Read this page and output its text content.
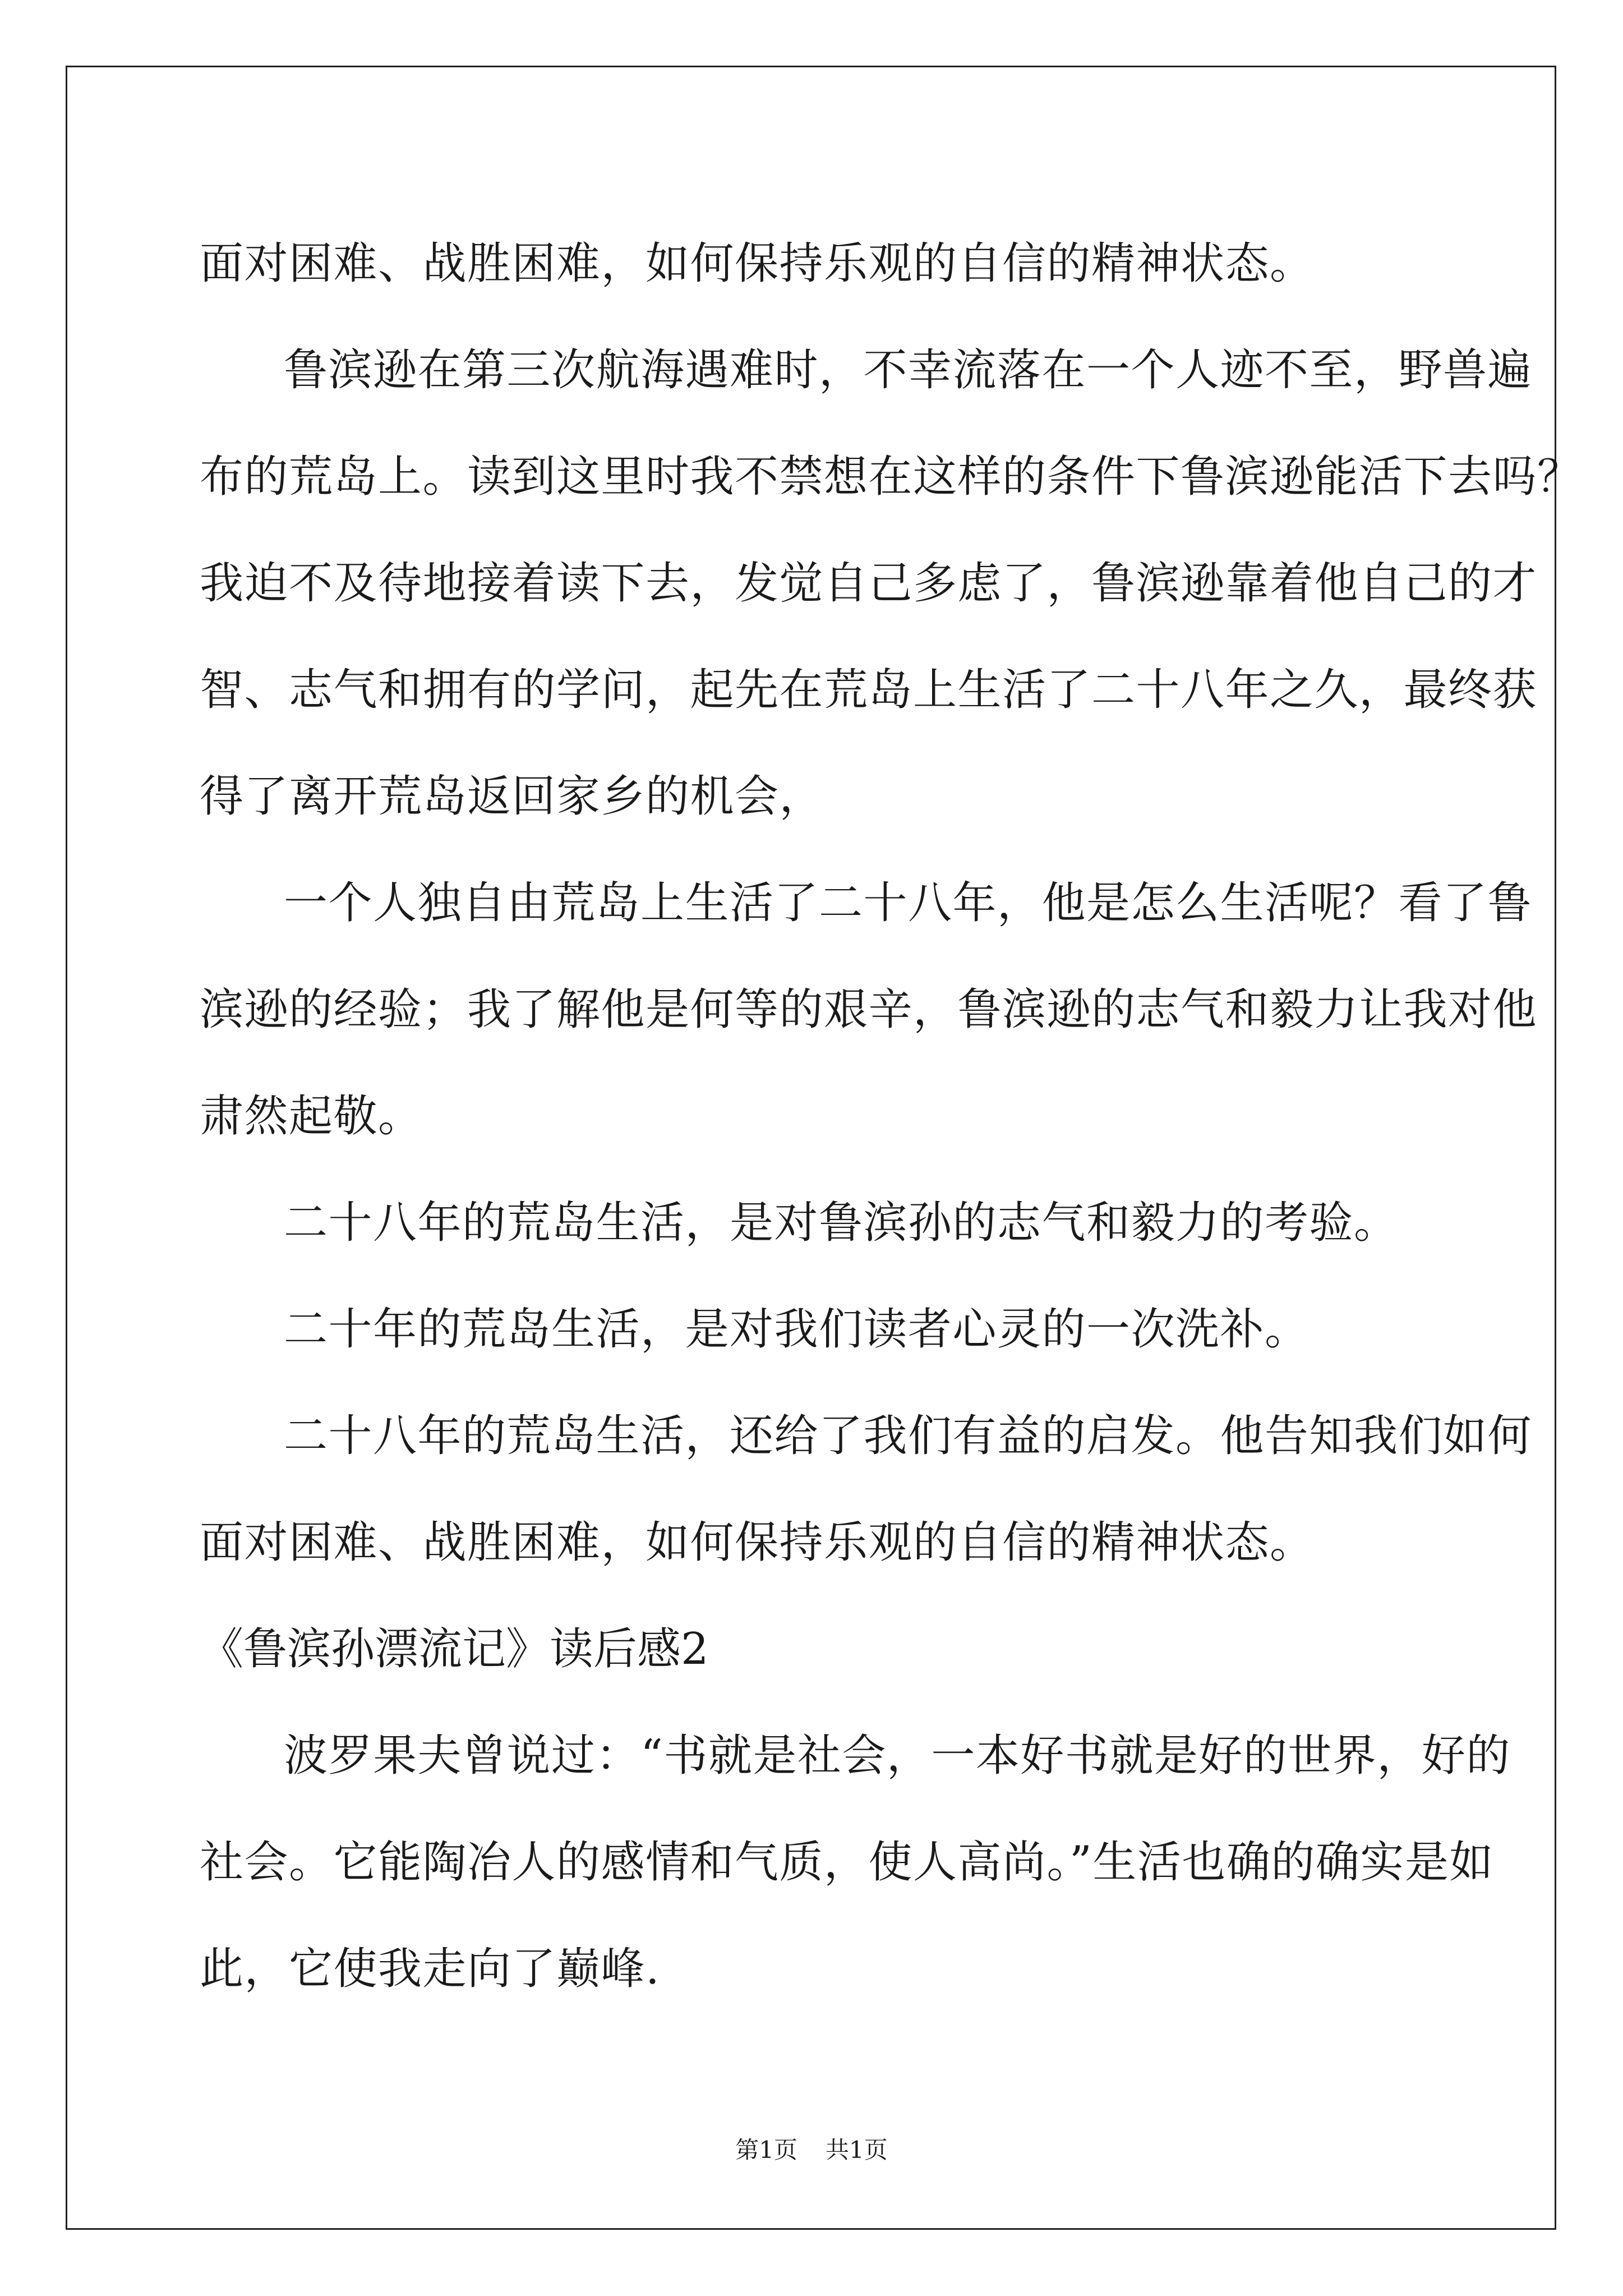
面对困难、战胜困难，如何保持乐观的自信的精神状态。
鲁滨逊在第三次航海遇难时，不幸流落在一个人迹不至，野兽遍
布的荒岛上。读到这里时我不禁想在这样的条件下鲁滨逊能活下去吗？
我迫不及待地接着读下去，发觉自己多虑了，鲁滨逊靠着他自己的才
智、志气和拥有的学问，起先在荒岛上生活了二十八年之久，最终获
得了离开荒岛返回家乡的机会，
一个人独自由荒岛上生活了二十八年，他是怎么生活呢？看了鲁
滨逊的经验；我了解他是何等的艰辛，鲁滨逊的志气和毅力让我对他
肃然起敬。
二十八年的荒岛生活，是对鲁滨孙的志气和毅力的考验。
二十年的荒岛生活，是对我们读者心灵的一次洗补。
二十八年的荒岛生活，还给了我们有益的启发。他告知我们如何
面对困难、战胜困难，如何保持乐观的自信的精神状态。
《鲁滨孙漂流记》读后感2
波罗果夫曾说过：“书就是社会，一本好书就是好的世界，好的
社会。它能陶冶人的感情和气质，使人高尚。”生活也确的确实是如
此，它使我走向了巅峰.
第1页 共1页
